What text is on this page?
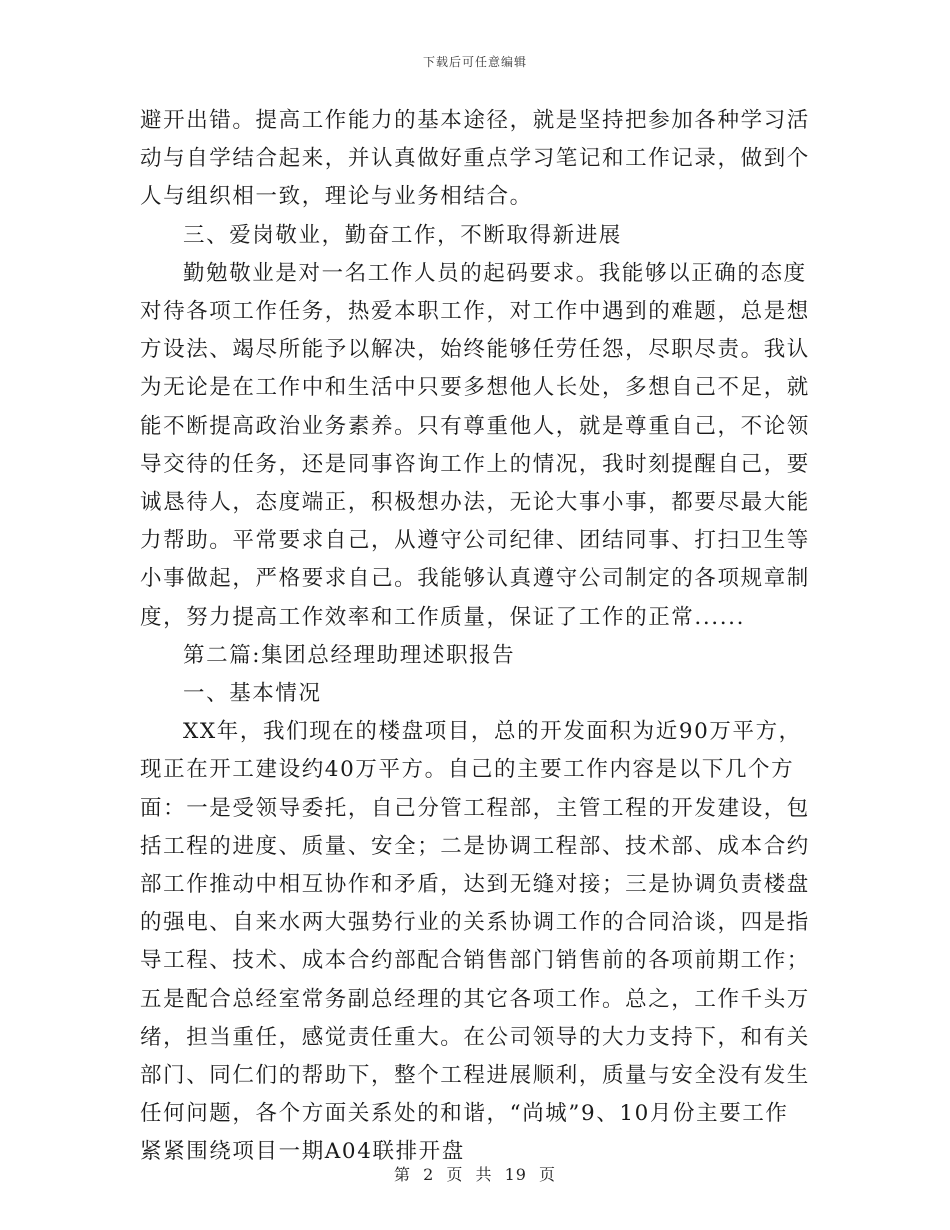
下载后可任意编辑

避开出错。提高工作能力的基本途径，就是坚持把参加各种学习活动与自学结合起来，并认真做好重点学习笔记和工作记录，做到个人与组织相一致，理论与业务相结合。

三、爱岗敬业，勤奋工作，不断取得新进展

勤勉敬业是对一名工作人员的起码要求。我能够以正确的态度对待各项工作任务，热爱本职工作，对工作中遇到的难题，总是想方设法、竭尽所能予以解决，始终能够任劳任怨，尽职尽责。我认为无论是在工作中和生活中只要多想他人长处，多想自己不足，就能不断提高政治业务素养。只有尊重他人，就是尊重自己，不论领导交待的任务，还是同事咨询工作上的情况，我时刻提醒自己，要诚恳待人，态度端正，积极想办法，无论大事小事，都要尽最大能力帮助。平常要求自己，从遵守公司纪律、团结同事、打扫卫生等小事做起，严格要求自己。我能够认真遵守公司制定的各项规章制度，努力提高工作效率和工作质量，保证了工作的正常......

第二篇:集团总经理助理述职报告

一、基本情况

XX年，我们现在的楼盘项目，总的开发面积为近90万平方，现正在开工建设约40万平方。自己的主要工作内容是以下几个方面：一是受领导委托，自己分管工程部，主管工程的开发建设，包括工程的进度、质量、安全；二是协调工程部、技术部、成本合约部工作推动中相互协作和矛盾，达到无缝对接；三是协调负责楼盘的强电、自来水两大强势行业的关系协调工作的合同洽谈，四是指导工程、技术、成本合约部配合销售部门销售前的各项前期工作；五是配合总经室常务副总经理的其它各项工作。总之，工作千头万绪，担当重任，感觉责任重大。在公司领导的大力支持下，和有关部门、同仁们的帮助下，整个工程进展顺利，质量与安全没有发生任何问题，各个方面关系处的和谐，“尚城”9、10月份主要工作紧紧围绕项目一期A04联排开盘

第 2 页 共 19 页
